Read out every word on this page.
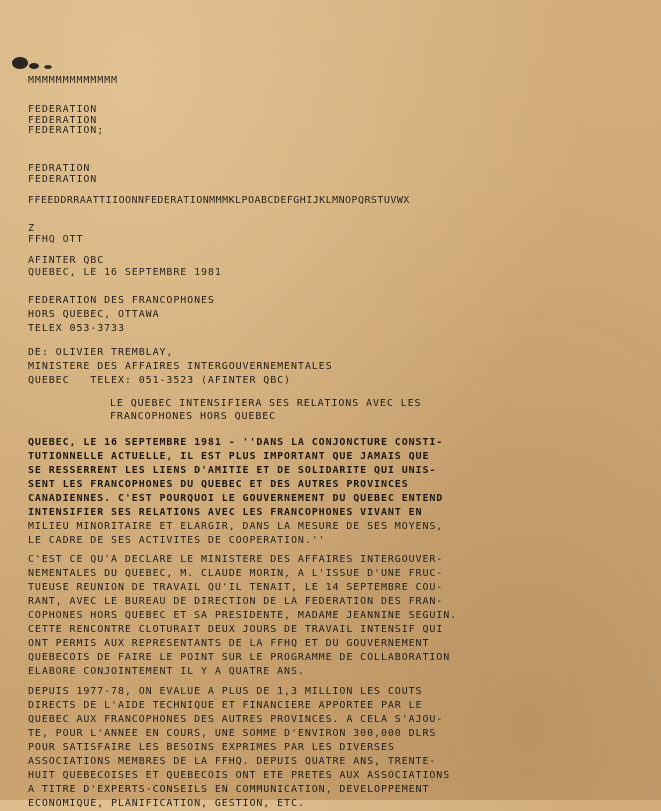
MMMMMMMMMMMMM
FEDERATION
FEDERATION
FEDERATION;
FEDRATION
FEDERATION
FFEEDDRRAATTIIOONNFEDERATIONMMMKLPOABCDEFGHIJKLMNOPQRSTUVWX
Z
FFHQ OTT
AFINTER QBC
QUEBEC, LE 16 SEPTEMBRE 1981
FEDERATION DES FRANCOPHONES
HORS QUEBEC, OTTAWA
TELEX 053-3733
DE: OLIVIER TREMBLAY,
MINISTERE DES AFFAIRES INTERGOUVERNEMENTALES
QUEBEC   TELEX: 051-3523 (AFINTER QBC)
LE QUEBEC INTENSIFIERA SES RELATIONS AVEC LES
FRANCOPHONES HORS QUEBEC
QUEBEC, LE 16 SEPTEMBRE 1981 - ''DANS LA CONJONCTURE CONSTI-
TUTIONNELLE ACTUELLE, IL EST PLUS IMPORTANT QUE JAMAIS QUE
SE RESSERRENT LES LIENS D'AMITIE ET DE SOLIDARITE QUI UNIS-
SENT LES FRANCOPHONES DU QUEBEC ET DES AUTRES PROVINCES
CANADIENNES. C'EST POURQUOI LE GOUVERNEMENT DU QUEBEC ENTEND
INTENSIFIER SES RELATIONS AVEC LES FRANCOPHONES VIVANT EN
MILIEU MINORITAIRE ET ELARGIR, DANS LA MESURE DE SES MOYENS,
LE CADRE DE SES ACTIVITES DE COOPERATION.''
C'EST CE QU'A DECLARE LE MINISTERE DES AFFAIRES INTERGOUVER-
NEMENTALES DU QUEBEC, M. CLAUDE MORIN, A L'ISSUE D'UNE FRUC-
TUEUSE REUNION DE TRAVAIL QU'IL TENAIT, LE 14 SEPTEMBRE COU-
RANT, AVEC LE BUREAU DE DIRECTION DE LA FEDERATION DES FRAN-
COPHONES HORS QUEBEC ET SA PRESIDENTE, MADAME JEANNINE SEGUIN.
CETTE RENCONTRE CLOTURAIT DEUX JOURS DE TRAVAIL INTENSIF QUI
ONT PERMIS AUX REPRESENTANTS DE LA FFHQ ET DU GOUVERNEMENT
QUEBECOIS DE FAIRE LE POINT SUR LE PROGRAMME DE COLLABORATION
ELABORE CONJOINTEMENT IL Y A QUATRE ANS.
DEPUIS 1977-78, ON EVALUE A PLUS DE 1,3 MILLION LES COUTS
DIRECTS DE L'AIDE TECHNIQUE ET FINANCIERE APPORTEE PAR LE
QUEBEC AUX FRANCOPHONES DES AUTRES PROVINCES. A CELA S'AJOU-
TE, POUR L'ANNEE EN COURS, UNE SOMME D'ENVIRON 300,000 DLRS
POUR SATISFAIRE LES BESOINS EXPRIMES PAR LES DIVERSES
ASSOCIATIONS MEMBRES DE LA FFHQ. DEPUIS QUATRE ANS, TRENTE-
HUIT QUEBECOISES ET QUEBECOIS ONT ETE PRETES AUX ASSOCIATIONS
A TITRE D'EXPERTS-CONSEILS EN COMMUNICATION, DEVELOPPEMENT
ECONOMIQUE, PLANIFICATION, GESTION, ETC.
